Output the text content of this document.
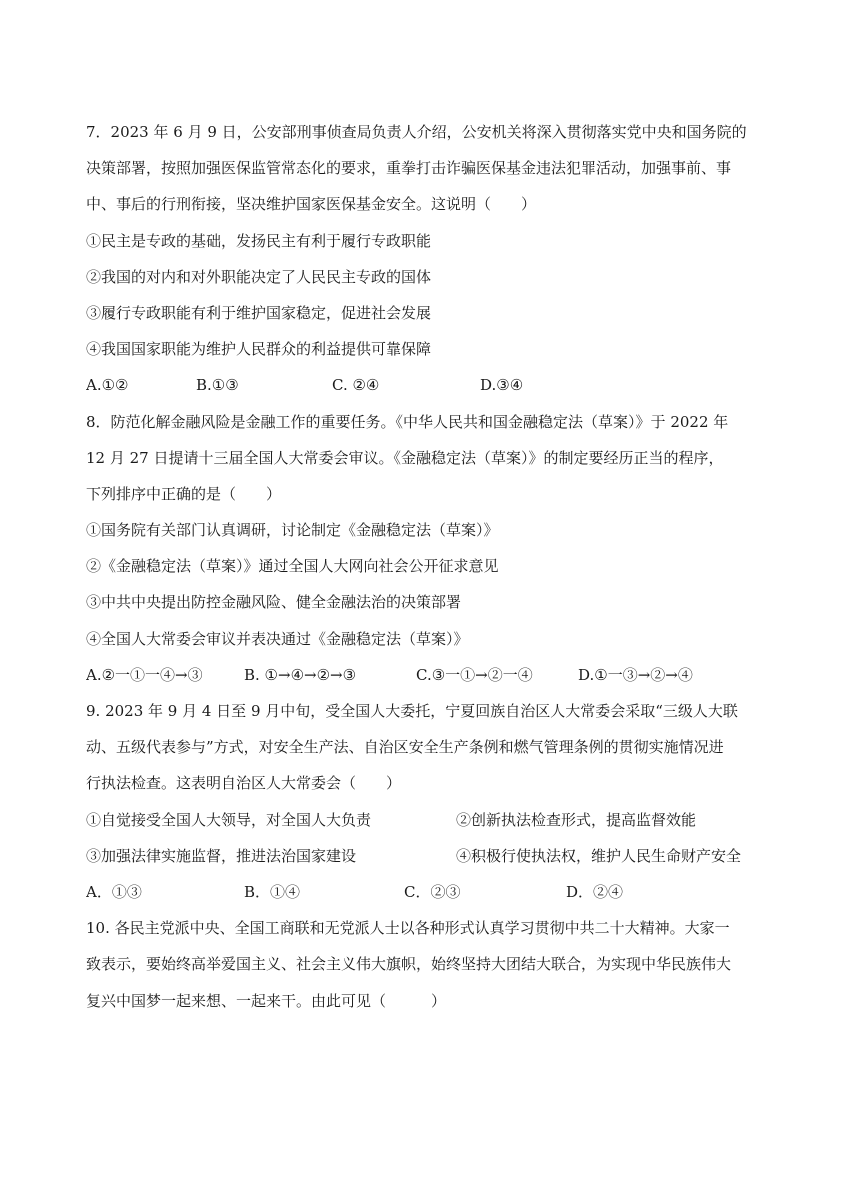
7．2023 年 6 月 9 日，公安部刑事侦查局负责人介绍，公安机关将深入贯彻落实党中央和国务院的
决策部署，按照加强医保监管常态化的要求，重拳打击诈骗医保基金违法犯罪活动，加强事前、事
中、事后的行刑衔接，坚决维护国家医保基金安全。这说明（　　）
①民主是专政的基础，发扬民主有利于履行专政职能
②我国的对内和对外职能决定了人民民主专政的国体
③履行专政职能有利于维护国家稳定，促进社会发展
④我国国家职能为维护人民群众的利益提供可靠保障
A.①②	B.①③	C. ②④	D.③④
8．防范化解金融风险是金融工作的重要任务。《中华人民共和国金融稳定法（草案）》于 2022 年
12 月 27 日提请十三届全国人大常委会审议。《金融稳定法（草案）》的制定要经历正当的程序，
下列排序中正确的是（　　）
①国务院有关部门认真调研，讨论制定《金融稳定法（草案）》
②《金融稳定法（草案）》通过全国人大网向社会公开征求意见
③中共中央提出防控金融风险、健全金融法治的决策部署
④全国人大常委会审议并表决通过《金融稳定法（草案）》
A.②一①一④→③	B. ①→④→②→③	C.③一①→②一④	D.①一③→②→④
9. 2023 年 9 月 4 日至 9 月中旬，受全国人大委托，宁夏回族自治区人大常委会采取“三级人大联
动、五级代表参与”方式，对安全生产法、自治区安全生产条例和燃气管理条例的贯彻实施情况进
行执法检查。这表明自治区人大常委会（　　）
①自觉接受全国人大领导，对全国人大负责	②创新执法检查形式，提高监督效能
③加强法律实施监督，推进法治国家建设	④积极行使执法权，维护人民生命财产安全
A．①③	B．①④	C．②③	D．②④
10. 各民主党派中央、全国工商联和无党派人士以各种形式认真学习贯彻中共二十大精神。大家一
致表示，要始终高举爱国主义、社会主义伟大旗帜，始终坚持大团结大联合，为实现中华民族伟大
复兴中国梦一起来想、一起来干。由此可见（　　　）
